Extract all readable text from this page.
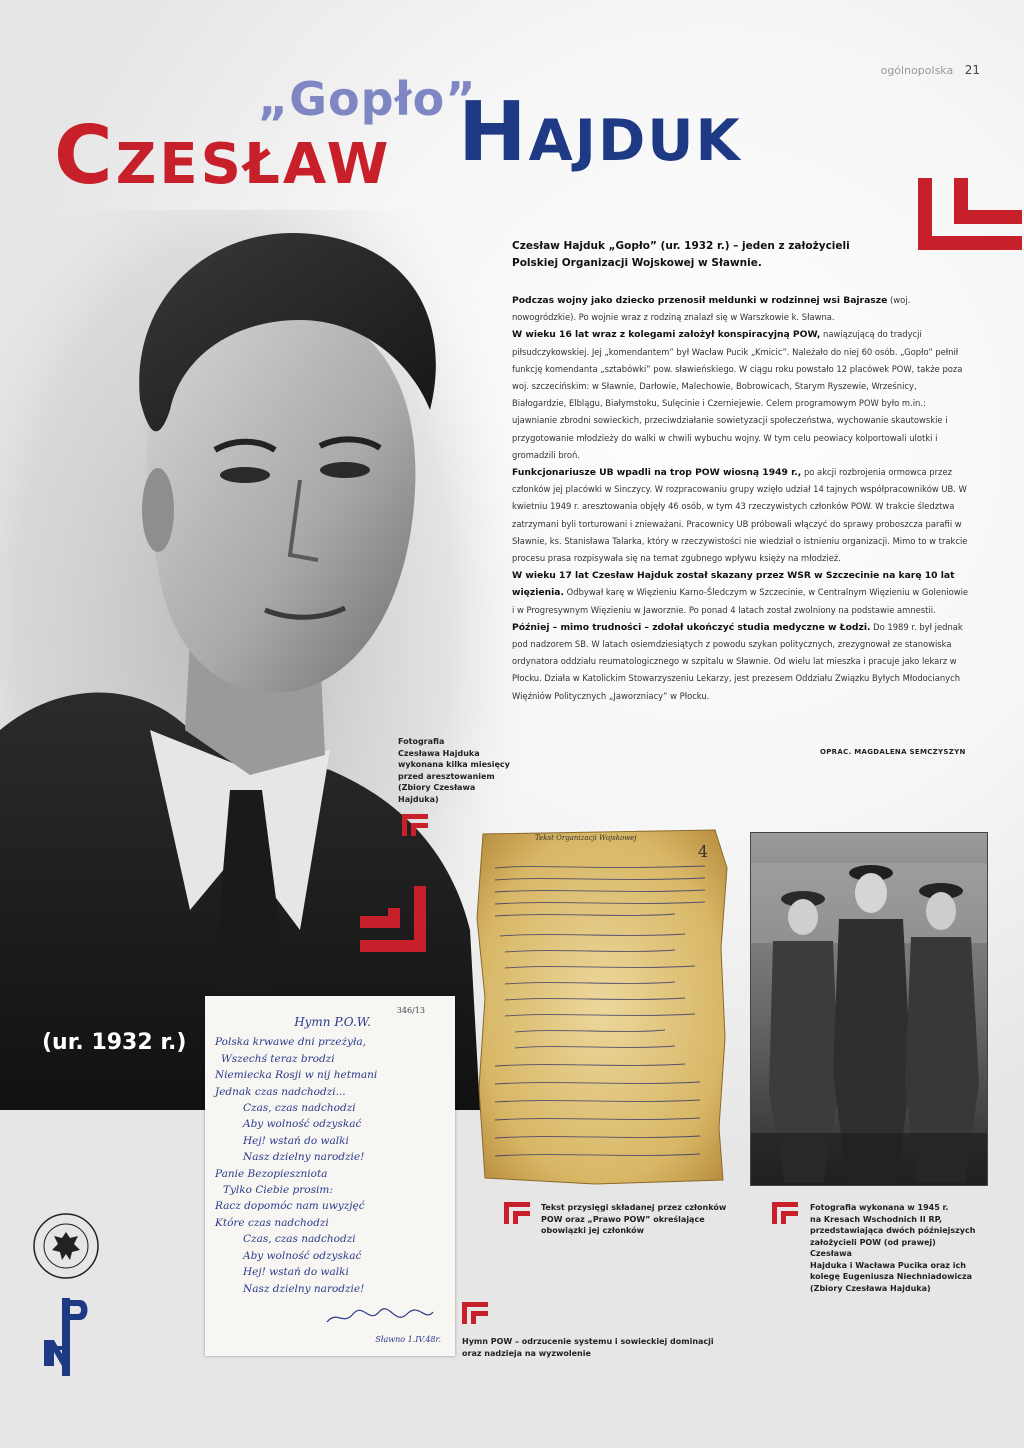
ogólnopolska 21
„Gopło”
Czesław Hajduk

Czesław Hajduk „Gopło” (ur. 1932 r.) – jeden z założycieli
Polskiej Organizacji Wojskowej w Sławnie.

Podczas wojny jako dziecko przenosił meldunki w rodzinnej wsi Bajrasze (woj. nowogródzkie). Po wojnie wraz z rodziną znalazł się w Warszkowie k. Sławna.

W wieku 16 lat wraz z kolegami założył konspiracyjną POW, nawiązującą do tradycji piłsudczykowskiej. Jej „komendantem” był Wacław Pucik „Kmicic”. Należało do niej 60 osób. „Gopło” pełnił funkcję komendanta „sztabówki” pow. sławieńskiego. W ciągu roku powstało 12 placówek POW, także poza woj. szczecińskim: w Sławnie, Darłowie, Malechowie, Bobrowicach, Starym Ryszewie, Wrześnicy, Białogardzie, Elblągu, Białymstoku, Sulęcinie i Czerniejewie. Celem programowym POW było m.in.: ujawnianie zbrodni sowieckich, przeciwdziałanie sowietyzacji społeczeństwa, wychowanie skautowskie i przygotowanie młodzieży do walki w chwili wybuchu wojny. W tym celu peowiacy kolportowali ulotki i gromadzili broń.

Funkcjonariusze UB wpadli na trop POW wiosną 1949 r., po akcji rozbrojenia ormowca przez członków jej placówki w Sinczycy. W rozpracowaniu grupy wzięło udział 14 tajnych współpracowników UB. W kwietniu 1949 r. aresztowania objęły 46 osób, w tym 43 rzeczywistych członków POW. W trakcie śledztwa zatrzymani byli torturowani i znieważani. Pracownicy UB próbowali włączyć do sprawy proboszcza parafii w Sławnie, ks. Stanisława Talarka, który w rzeczywistości nie wiedział o istnieniu organizacji. Mimo to w trakcie procesu prasa rozpisywała się na temat zgubnego wpływu księży na młodzież.

W wieku 17 lat Czesław Hajduk został skazany przez WSR w Szczecinie na karę 10 lat więzienia. Odbywał karę w Więzieniu Karno-Śledczym w Szczecinie, w Centralnym Więzieniu w Goleniowie i w Progresywnym Więzieniu w Jaworznie. Po ponad 4 latach został zwolniony na podstawie amnestii.

Później – mimo trudności – zdołał ukończyć studia medyczne w Łodzi. Do 1989 r. był jednak pod nadzorem SB. W latach osiemdziesiątych z powodu szykan politycznych, zrezygnował ze stanowiska ordynatora oddziału reumatologicznego w szpitalu w Sławnie. Od wielu lat mieszka i pracuje jako lekarz w Płocku. Działa w Katolickim Stowarzyszeniu Lekarzy, jest prezesem Oddziału Związku Byłych Młodocianych Więźniów Politycznych „Jaworzniacy” w Płocku.

OPRAC. MAGDALENA SEMCZYSZYN
Fotografia
Czesława Hajduka
wykonana kilka miesięcy
przed aresztowaniem
(Zbiory Czesława Hajduka)
(ur. 1932 r.)
346/13
Hymn P.O.W.
Polska krwawe dni przeżyła,
Wszechś teraz brodzi
Niemiecka Rosji w nij hetmani
Jednak czas nadchodzi...
Czas, czas nadchodzi
Aby wolność odzyskać
Hej! wstań do walki
Nasz dzielny narodzie!
Panie Bezopieszniota
Tylko Ciebie prosim:
Racz dopomóc nam uwyzjęć
Które czas nadchodzi
Czas, czas nadchodzi
Aby wolność odzyskać
Hej! wstań do walki
Nasz dzielny narodzie!
Sławno 1.IV.48r.	Hymn POW – odrzucenie systemu i sowieckiej dominacji
oraz nadzieja na wyzwolenie
Tekst Organizacji Wojskowej
4
Tekst przysięgi składanej przez członków
POW oraz „Prawo POW” określające
obowiązki jej członków
Fotografia wykonana w 1945 r.
na Kresach Wschodnich II RP,
przedstawiająca dwóch późniejszych
założycieli POW (od prawej) Czesława
Hajduka i Wacława Pucika oraz ich
kolegę Eugeniusza Niechniadowicza
(Zbiory Czesława Hajduka)
